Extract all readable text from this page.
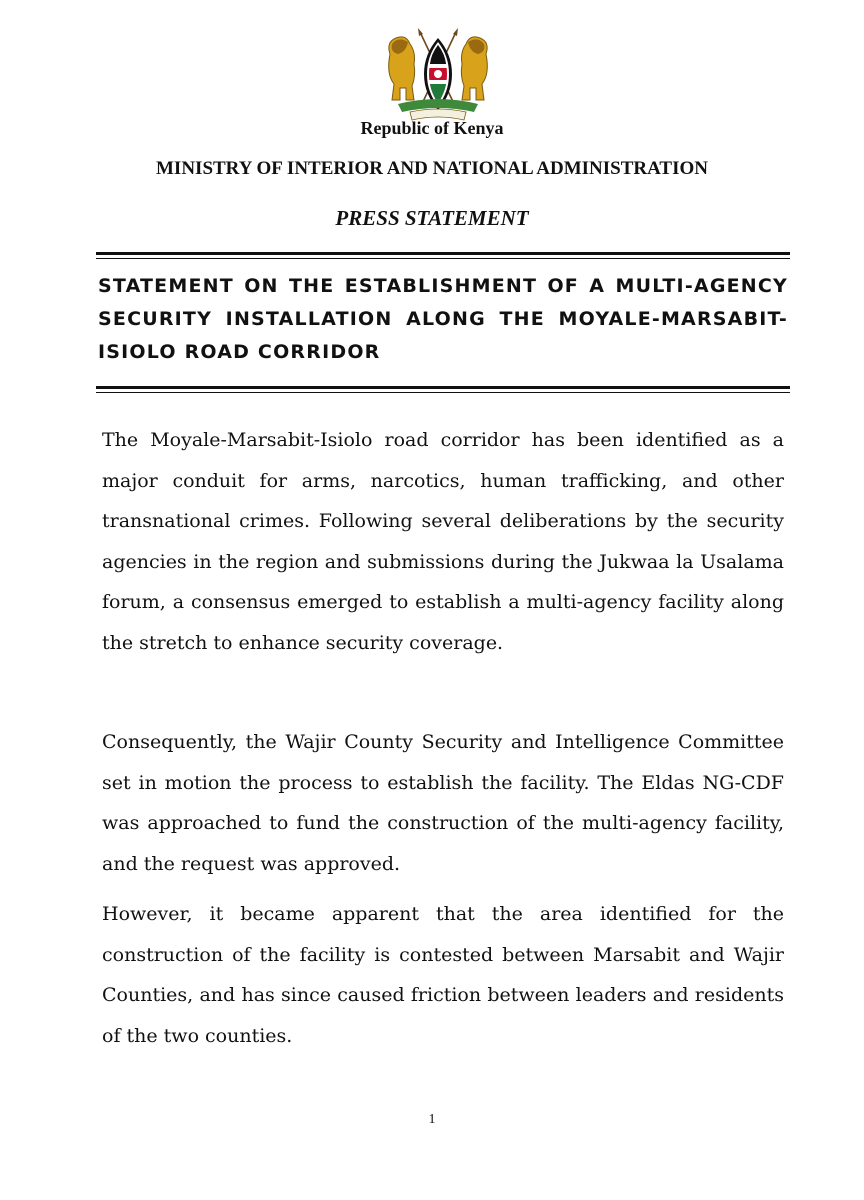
Republic of Kenya
MINISTRY OF INTERIOR AND NATIONAL ADMINISTRATION
PRESS STATEMENT
STATEMENT ON THE ESTABLISHMENT OF A MULTI-AGENCY SECURITY INSTALLATION ALONG THE MOYALE-MARSABIT-ISIOLO ROAD CORRIDOR

The Moyale-Marsabit-Isiolo road corridor has been identified as a major conduit for arms, narcotics, human trafficking, and other transnational crimes. Following several deliberations by the security agencies in the region and submissions during the Jukwaa la Usalama forum, a consensus emerged to establish a multi-agency facility along the stretch to enhance security coverage.

Consequently, the Wajir County Security and Intelligence Committee set in motion the process to establish the facility. The Eldas NG-CDF was approached to fund the construction of the multi-agency facility, and the request was approved.

However, it became apparent that the area identified for the construction of the facility is contested between Marsabit and Wajir Counties, and has since caused friction between leaders and residents of the two counties.

1
